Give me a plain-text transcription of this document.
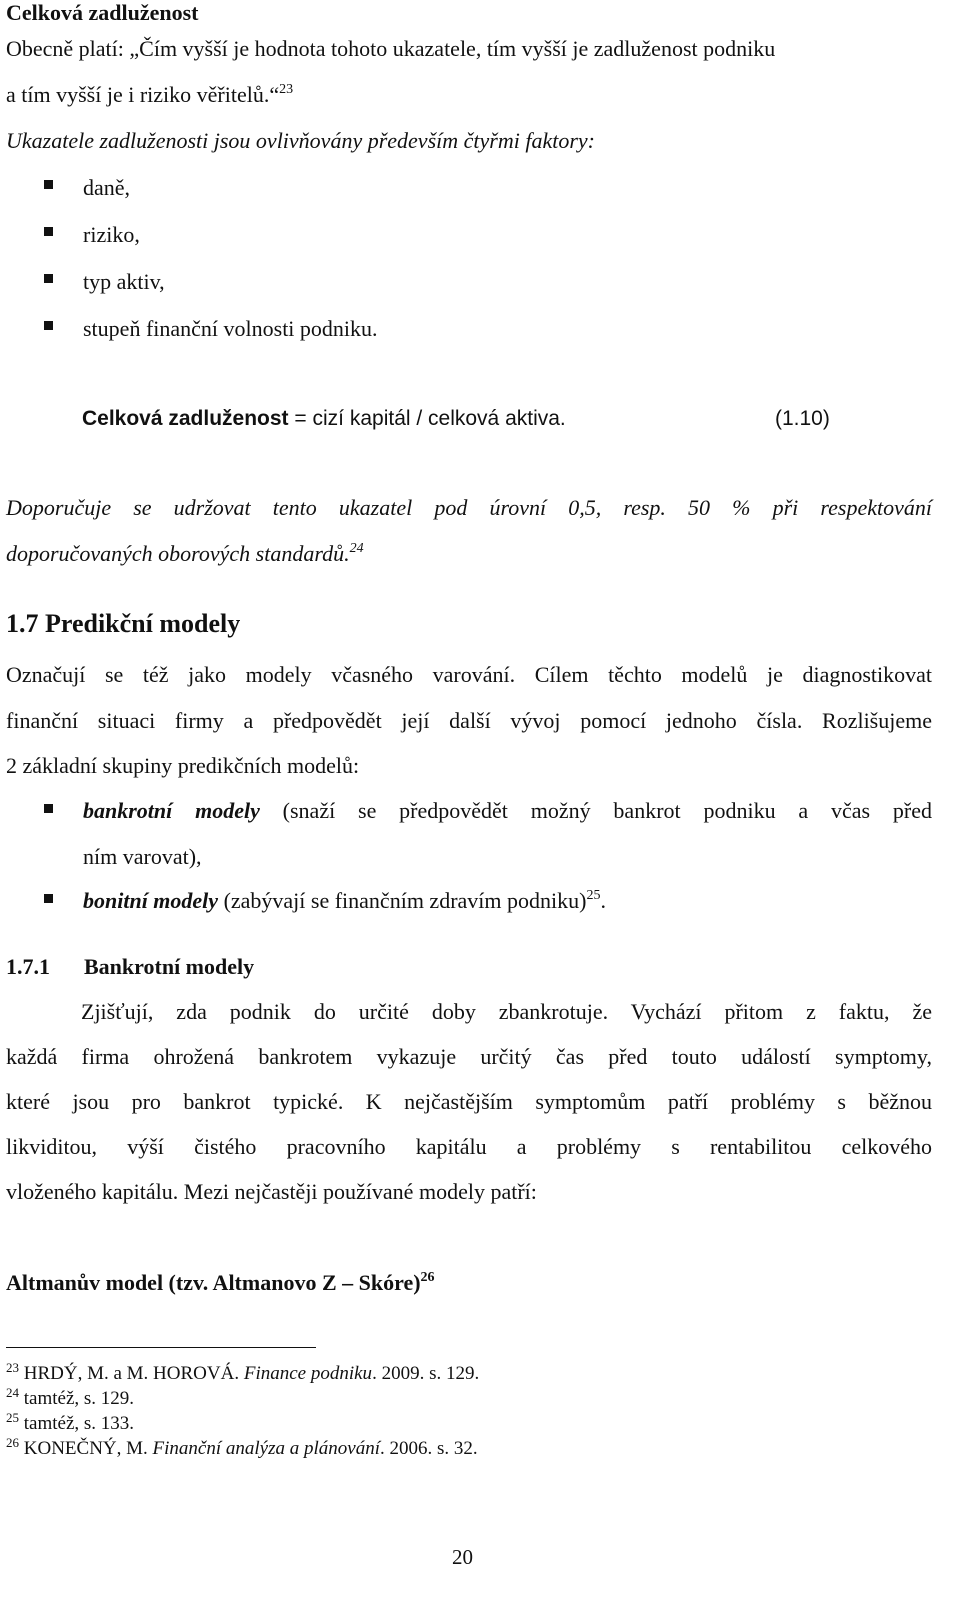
Celková zadluženost
Obecně platí: „Čím vyšší je hodnota tohoto ukazatele, tím vyšší je zadluženost podniku
a tím vyšší je i riziko věřitelů.“$^{23}$
Ukazatele zadluženosti jsou ovlivňovány především čtyřmi faktory:
daně,
riziko,
typ aktiv,
stupeň finanční volnosti podniku.
Celková zadluženost = cizí kapitál / celková aktiva.	(1.10)
Doporučuje se udržovat tento ukazatel pod úrovní 0,5, resp. 50 % při respektování
doporučovaných oborových standardů.$^{24}$
1.7 Predikční modely
Označují se též jako modely včasného varování. Cílem těchto modelů je diagnostikovat
finanční situaci firmy a předpovědět její další vývoj pomocí jednoho čísla. Rozlišujeme
2 základní skupiny predikčních modelů:
bankrotní modely (snaží se předpovědět možný bankrot podniku a včas před
ním varovat),
bonitní modely (zabývají se finančním zdravím podniku)$^{25}$.
1.7.1 Bankrotní modely
Zjišťují, zda podnik do určité doby zbankrotuje. Vychází přitom z faktu, že
každá firma ohrožená bankrotem vykazuje určitý čas před touto událostí symptomy,
které jsou pro bankrot typické. K nejčastějším symptomům patří problémy s běžnou
likviditou, výší čistého pracovního kapitálu a problémy s rentabilitou celkového
vloženého kapitálu. Mezi nejčastěji používané modely patří:
Altmanův model (tzv. Altmanovo Z – Skóre)$^{26}$
$^{23}$ HRDÝ, M. a M. HOROVÁ. Finance podniku. 2009. s. 129.
$^{24}$ tamtéž, s. 129.
$^{25}$ tamtéž, s. 133.
$^{26}$ KONEČNÝ, M. Finanční analýza a plánování. 2006. s. 32.
20
